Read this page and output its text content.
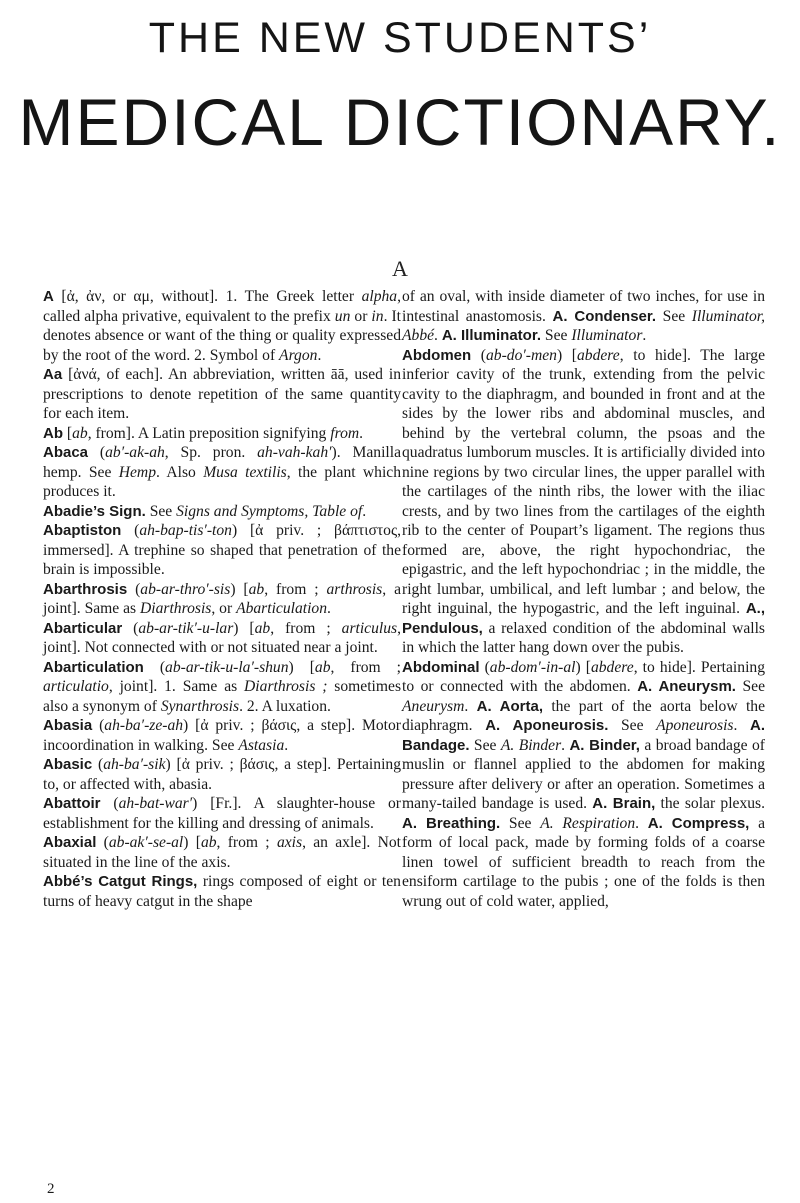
THE NEW STUDENTS’
MEDICAL DICTIONARY.
A

A [ἀ, ἀν, or αμ, without]. 1. The Greek letter alpha, called alpha privative, equivalent to the prefix un or in. It denotes absence or want of the thing or quality expressed by the root of the word. 2. Symbol of Argon.

Aa [ἀνά, of each]. An abbreviation, written āā, used in prescriptions to denote repetition of the same quantity for each item.

Ab [ab, from]. A Latin preposition signifying from.

Abaca (ab′-ak-ah, Sp. pron. ah-vah-kah′). Manilla hemp. See Hemp. Also Musa textilis, the plant which produces it.

Abadie’s Sign. See Signs and Symptoms, Table of.

Abaptiston (ah-bap-tis′-ton) [ἀ priv. ; βάπτιστος, immersed]. A trephine so shaped that penetration of the brain is impossible.

Abarthrosis (ab-ar-thro′-sis) [ab, from ; arthrosis, a joint]. Same as Diarthrosis, or Abarticulation.

Abarticular (ab-ar-tik′-u-lar) [ab, from ; articulus, joint]. Not connected with or not situated near a joint.

Abarticulation (ab-ar-tik-u-la′-shun) [ab, from ; articulatio, joint]. 1. Same as Diarthrosis ; sometimes also a synonym of Synarthrosis. 2. A luxation.

Abasia (ah-ba′-ze-ah) [ἀ priv. ; βάσις, a step]. Motor incoordination in walking. See Astasia.

Abasic (ah-ba′-sik) [ἀ priv. ; βάσις, a step]. Pertaining to, or affected with, abasia.

Abattoir (ah-bat-war′) [Fr.]. A slaughter-house or establishment for the killing and dressing of animals.

Abaxial (ab-ak′-se-al) [ab, from ; axis, an axle]. Not situated in the line of the axis.

Abbé’s Catgut Rings, rings composed of eight or ten turns of heavy catgut in the shape

of an oval, with inside diameter of two inches, for use in intestinal anastomosis. A. Condenser. See Illuminator, Abbé. A. Illuminator. See Illuminator.

Abdomen (ab-do′-men) [abdere, to hide]. The large inferior cavity of the trunk, extending from the pelvic cavity to the diaphragm, and bounded in front and at the sides by the lower ribs and abdominal muscles, and behind by the vertebral column, the psoas and the quadratus lumborum muscles. It is artificially divided into nine regions by two circular lines, the upper parallel with the cartilages of the ninth ribs, the lower with the iliac crests, and by two lines from the cartilages of the eighth rib to the center of Poupart’s ligament. The regions thus formed are, above, the right hypochondriac, the epigastric, and the left hypochondriac ; in the middle, the right lumbar, umbilical, and left lumbar ; and below, the right inguinal, the hypogastric, and the left inguinal. A., Pendulous, a relaxed condition of the abdominal walls in which the latter hang down over the pubis.

Abdominal (ab-dom′-in-al) [abdere, to hide]. Pertaining to or connected with the abdomen. A. Aneurysm. See Aneurysm. A. Aorta, the part of the aorta below the diaphragm. A. Aponeurosis. See Aponeurosis. A. Bandage. See A. Binder. A. Binder, a broad bandage of muslin or flannel applied to the abdomen for making pressure after delivery or after an operation. Sometimes a many-tailed bandage is used. A. Brain, the solar plexus. A. Breathing. See A. Respiration. A. Compress, a form of local pack, made by forming folds of a coarse linen towel of sufficient breadth to reach from the ensiform cartilage to the pubis ; one of the folds is then wrung out of cold water, applied,

2
